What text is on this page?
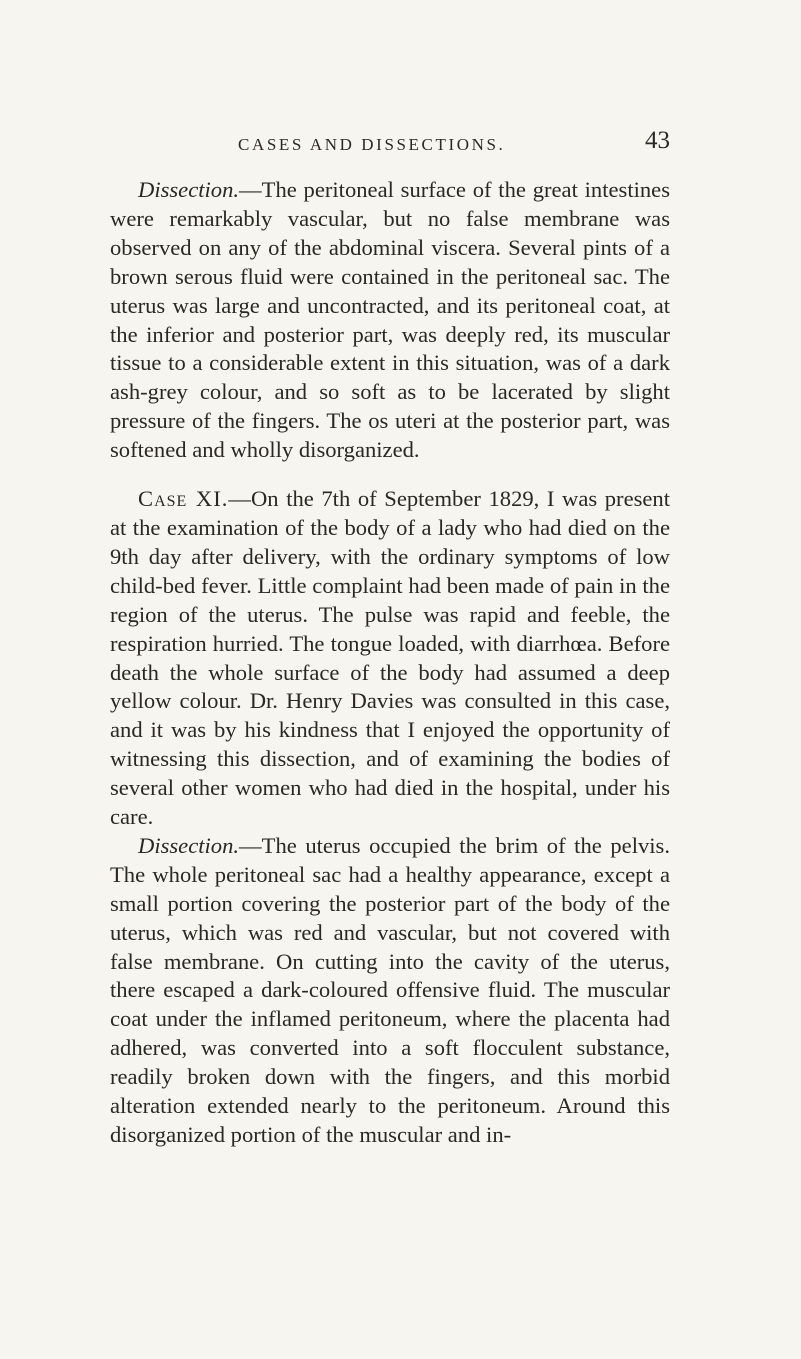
CASES AND DISSECTIONS.	43

Dissection.—The peritoneal surface of the great intestines were remarkably vascular, but no false membrane was observed on any of the abdominal viscera. Several pints of a brown serous fluid were contained in the peritoneal sac. The uterus was large and uncontracted, and its peritoneal coat, at the inferior and posterior part, was deeply red, its muscular tissue to a considerable extent in this situation, was of a dark ash-grey colour, and so soft as to be lacerated by slight pressure of the fingers. The os uteri at the posterior part, was softened and wholly disorganized.

Case XI.—On the 7th of September 1829, I was present at the examination of the body of a lady who had died on the 9th day after delivery, with the ordinary symptoms of low child-bed fever. Little complaint had been made of pain in the region of the uterus. The pulse was rapid and feeble, the respiration hurried. The tongue loaded, with diarrhœa. Before death the whole surface of the body had assumed a deep yellow colour. Dr. Henry Davies was consulted in this case, and it was by his kindness that I enjoyed the opportunity of witnessing this dissection, and of examining the bodies of several other women who had died in the hospital, under his care.

Dissection.—The uterus occupied the brim of the pelvis. The whole peritoneal sac had a healthy appearance, except a small portion covering the posterior part of the body of the uterus, which was red and vascular, but not covered with false membrane. On cutting into the cavity of the uterus, there escaped a dark-coloured offensive fluid. The muscular coat under the inflamed peritoneum, where the placenta had adhered, was converted into a soft flocculent substance, readily broken down with the fingers, and this morbid alteration extended nearly to the peritoneum. Around this disorganized portion of the muscular and in-
